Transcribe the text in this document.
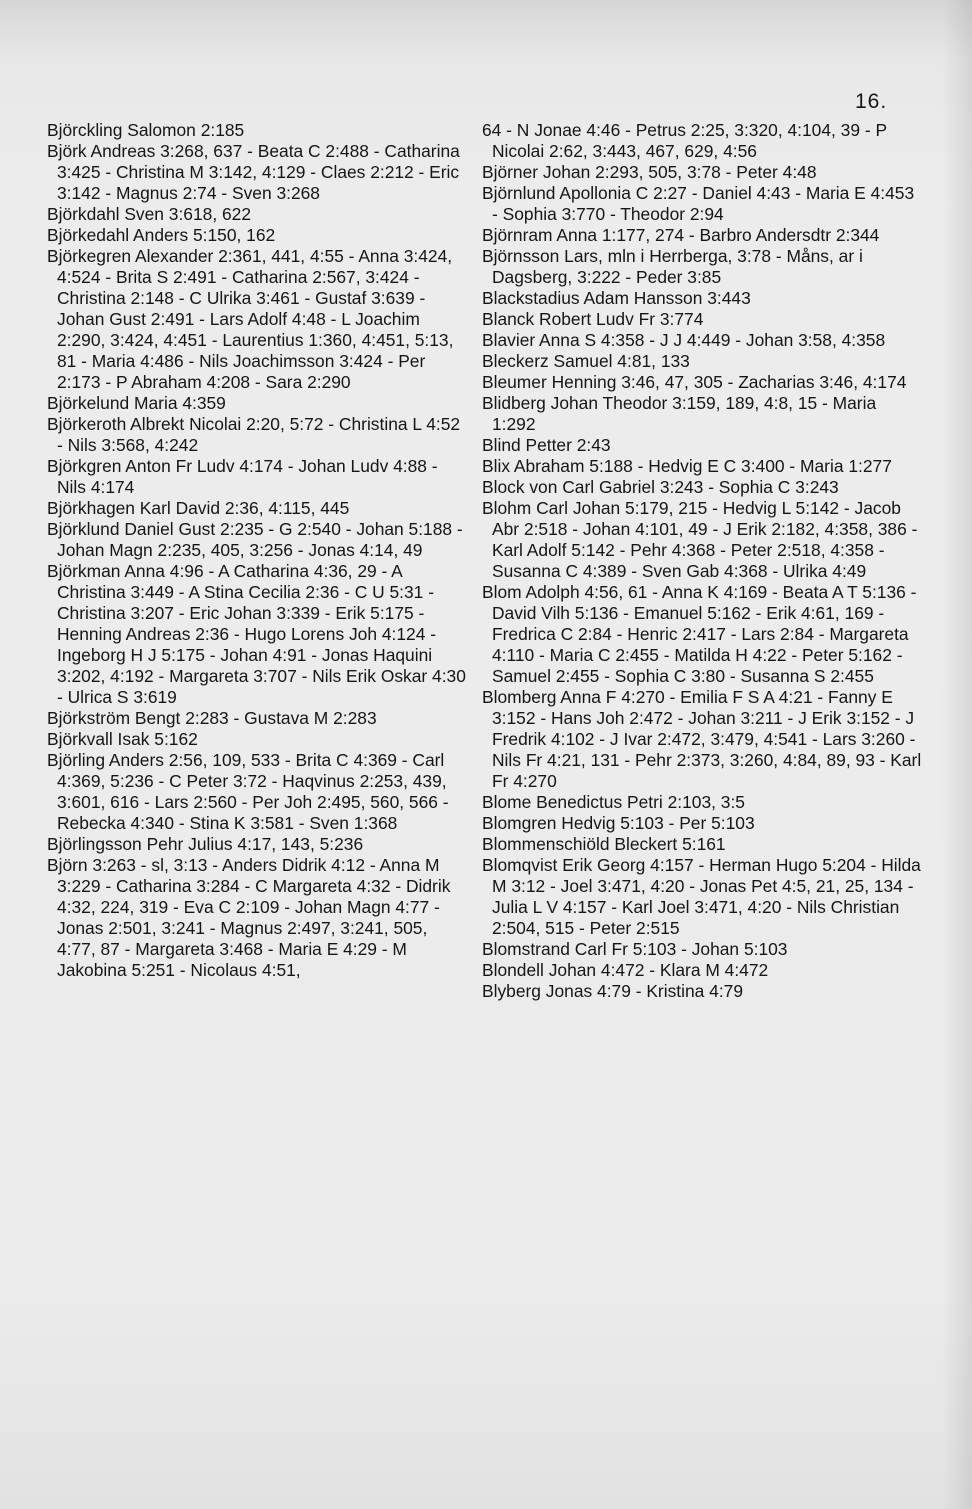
16.
Björckling Salomon 2:185
Björk Andreas 3:268, 637 - Beata C 2:488 - Catharina 3:425 - Christina M 3:142, 4:129 - Claes 2:212 - Eric 3:142 - Magnus 2:74 - Sven 3:268
Björkdahl Sven 3:618, 622
Björkedahl Anders 5:150, 162
Björkegren Alexander 2:361, 441, 4:55 - Anna 3:424, 4:524 - Brita S 2:491 - Catharina 2:567, 3:424 - Christina 2:148 - C Ulrika 3:461 - Gustaf 3:639 - Johan Gust 2:491 - Lars Adolf 4:48 - L Joachim 2:290, 3:424, 4:451 - Laurentius 1:360, 4:451, 5:13, 81 - Maria 4:486 - Nils Joachimsson 3:424 - Per 2:173 - P Abraham 4:208 - Sara 2:290
Björkelund Maria 4:359
Björkeroth Albrekt Nicolai 2:20, 5:72 - Christina L 4:52 - Nils 3:568, 4:242
Björkgren Anton Fr Ludv 4:174 - Johan Ludv 4:88 - Nils 4:174
Björkhagen Karl David 2:36, 4:115, 445
Björklund Daniel Gust 2:235 - G 2:540 - Johan 5:188 - Johan Magn 2:235, 405, 3:256 - Jonas 4:14, 49
Björkman Anna 4:96 - A Catharina 4:36, 29 - A Christina 3:449 - A Stina Cecilia 2:36 - C U 5:31 - Christina 3:207 - Eric Johan 3:339 - Erik 5:175 - Henning Andreas 2:36 - Hugo Lorens Joh 4:124 - Ingeborg H J 5:175 - Johan 4:91 - Jonas Haquini 3:202, 4:192 - Margareta 3:707 - Nils Erik Oskar 4:30 - Ulrica S 3:619
Björkström Bengt 2:283 - Gustava M 2:283
Björkvall Isak 5:162
Björling Anders 2:56, 109, 533 - Brita C 4:369 - Carl 4:369, 5:236 - C Peter 3:72 - Haqvinus 2:253, 439, 3:601, 616 - Lars 2:560 - Per Joh 2:495, 560, 566 - Rebecka 4:340 - Stina K 3:581 - Sven 1:368
Björlingsson Pehr Julius 4:17, 143, 5:236
Björn 3:263 - sl, 3:13 - Anders Didrik 4:12 - Anna M 3:229 - Catharina 3:284 - C Margareta 4:32 - Didrik 4:32, 224, 319 - Eva C 2:109 - Johan Magn 4:77 - Jonas 2:501, 3:241 - Magnus 2:497, 3:241, 505, 4:77, 87 - Margareta 3:468 - Maria E 4:29 - M Jakobina 5:251 - Nicolaus 4:51,
64 - N Jonae 4:46 - Petrus 2:25, 3:320, 4:104, 39 - P Nicolai 2:62, 3:443, 467, 629, 4:56
Björner Johan 2:293, 505, 3:78 - Peter 4:48
Björnlund Apollonia C 2:27 - Daniel 4:43 - Maria E 4:453 - Sophia 3:770 - Theodor 2:94
Björnram Anna 1:177, 274 - Barbro Andersdtr 2:344
Björnsson Lars, mln i Herrberga, 3:78 - Måns, ar i Dagsberg, 3:222 - Peder 3:85
Blackstadius Adam Hansson 3:443
Blanck Robert Ludv Fr 3:774
Blavier Anna S 4:358 - J J 4:449 - Johan 3:58, 4:358
Bleckerz Samuel 4:81, 133
Bleumer Henning 3:46, 47, 305 - Zacharias 3:46, 4:174
Blidberg Johan Theodor 3:159, 189, 4:8, 15 - Maria 1:292
Blind Petter 2:43
Blix Abraham 5:188 - Hedvig E C 3:400 - Maria 1:277
Block von Carl Gabriel 3:243 - Sophia C 3:243
Blohm Carl Johan 5:179, 215 - Hedvig L 5:142 - Jacob Abr 2:518 - Johan 4:101, 49 - J Erik 2:182, 4:358, 386 - Karl Adolf 5:142 - Pehr 4:368 - Peter 2:518, 4:358 - Susanna C 4:389 - Sven Gab 4:368 - Ulrika 4:49
Blom Adolph 4:56, 61 - Anna K 4:169 - Beata A T 5:136 - David Vilh 5:136 - Emanuel 5:162 - Erik 4:61, 169 - Fredrica C 2:84 - Henric 2:417 - Lars 2:84 - Margareta 4:110 - Maria C 2:455 - Matilda H 4:22 - Peter 5:162 - Samuel 2:455 - Sophia C 3:80 - Susanna S 2:455
Blomberg Anna F 4:270 - Emilia F S A 4:21 - Fanny E 3:152 - Hans Joh 2:472 - Johan 3:211 - J Erik 3:152 - J Fredrik 4:102 - J Ivar 2:472, 3:479, 4:541 - Lars 3:260 - Nils Fr 4:21, 131 - Pehr 2:373, 3:260, 4:84, 89, 93 - Karl Fr 4:270
Blome Benedictus Petri 2:103, 3:5
Blomgren Hedvig 5:103 - Per 5:103
Blommenschiöld Bleckert 5:161
Blomqvist Erik Georg 4:157 - Herman Hugo 5:204 - Hilda M 3:12 - Joel 3:471, 4:20 - Jonas Pet 4:5, 21, 25, 134 - Julia L V 4:157 - Karl Joel 3:471, 4:20 - Nils Christian 2:504, 515 - Peter 2:515
Blomstrand Carl Fr 5:103 - Johan 5:103
Blondell Johan 4:472 - Klara M 4:472
Blyberg Jonas 4:79 - Kristina 4:79
